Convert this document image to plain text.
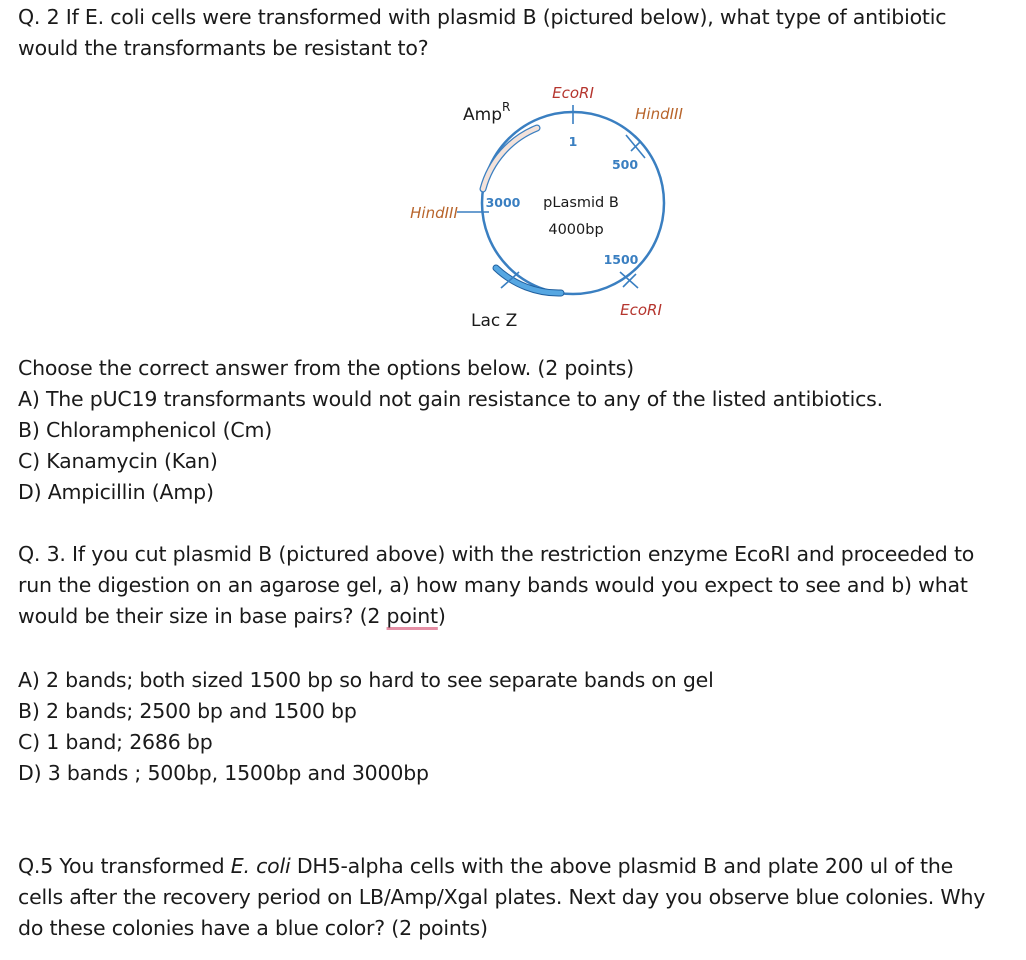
Q. 2 If E. coli cells were transformed with plasmid B (pictured below), what type of antibiotic
would the transformants be resistant to?
1
500
1500
3000 pLasmid B
4000bp
EcoRI
HindIII
HindIII
EcoRI
Amp$^R$
Lac Z
Choose the correct answer from the options below. (2 points)
A) The pUC19 transformants would not gain resistance to any of the listed antibiotics.
B) Chloramphenicol (Cm)
C) Kanamycin (Kan)
D) Ampicillin (Amp)
Q. 3. If you cut plasmid B (pictured above) with the restriction enzyme EcoRI and proceeded to
run the digestion on an agarose gel, a) how many bands would you expect to see and b) what
would be their size in base pairs? (2 point)
A) 2 bands; both sized 1500 bp so hard to see separate bands on gel
B) 2 bands; 2500 bp and 1500 bp
C) 1 band; 2686 bp
D) 3 bands ; 500bp, 1500bp and 3000bp
Q.5 You transformed E. coli DH5-alpha cells with the above plasmid B and plate 200 ul of the
cells after the recovery period on LB/Amp/Xgal plates. Next day you observe blue colonies. Why
do these colonies have a blue color? (2 points)
